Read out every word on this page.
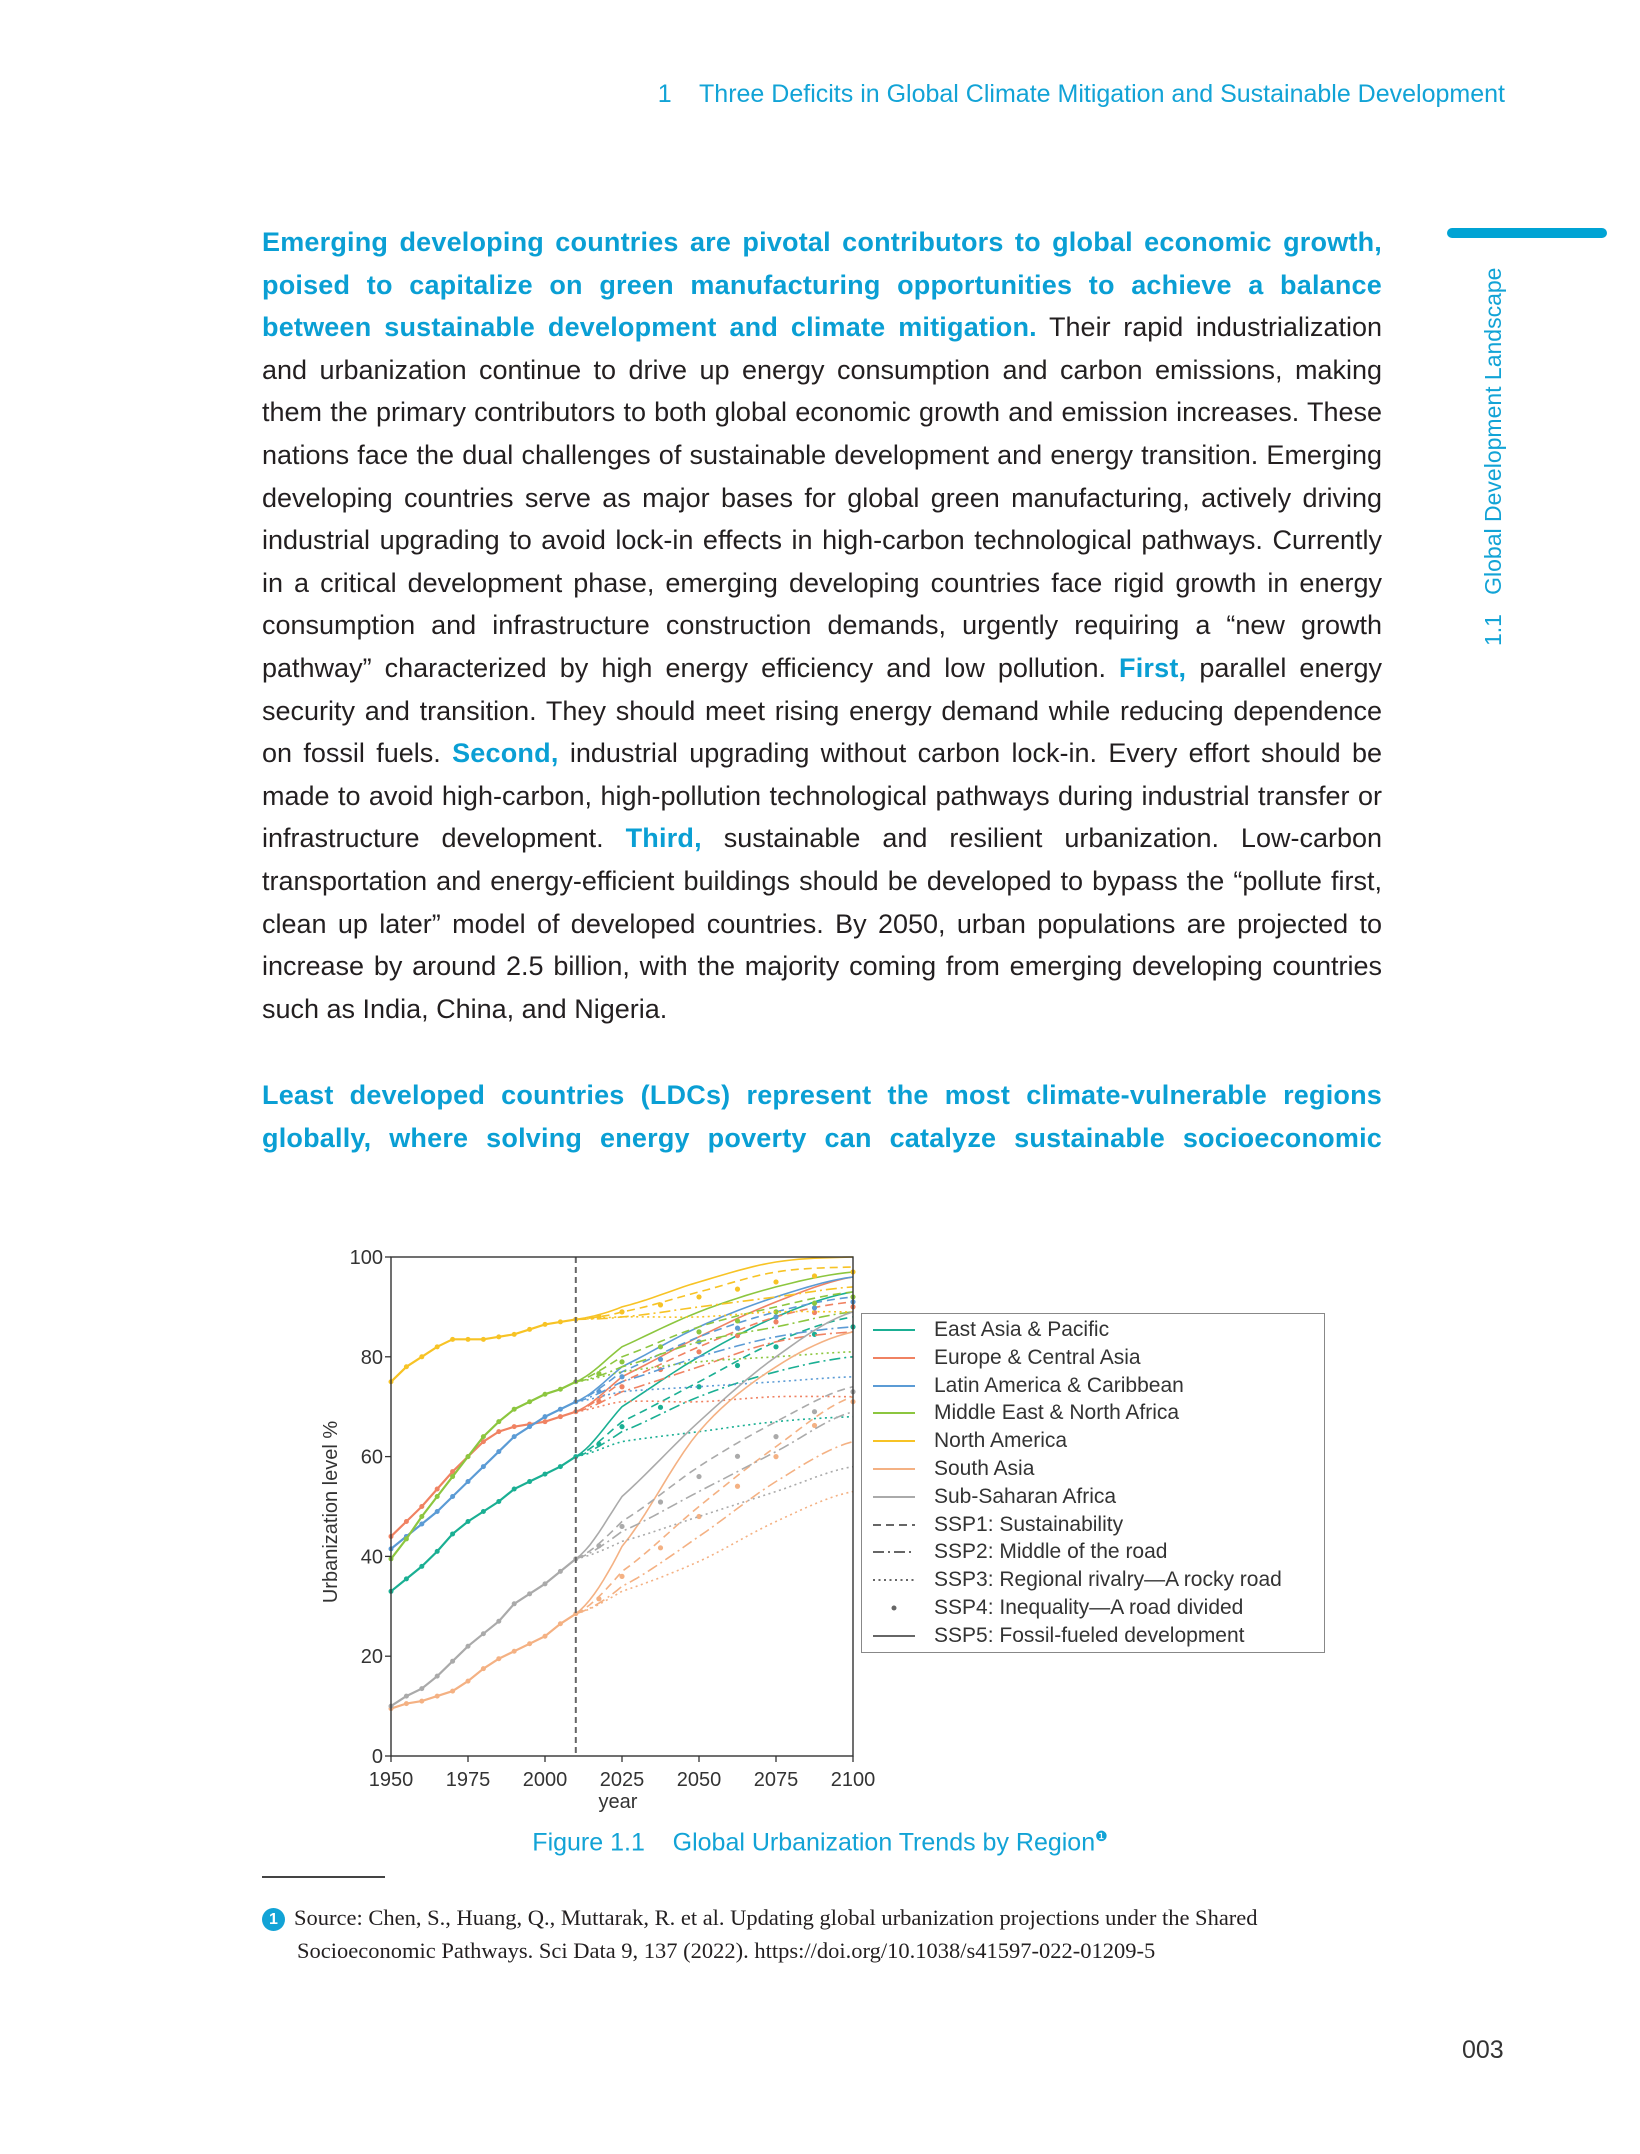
1 Three Deficits in Global Climate Mitigation and Sustainable Development
1.1   Global Development Landscape
Emerging developing countries are pivotal contributors to global economic growth, poised to capitalize on green manufacturing opportunities to achieve a balance between sustainable development and climate mitigation. Their rapid industrialization and urbanization continue to drive up energy consumption and carbon emissions, making them the primary contributors to both global economic growth and emission increases. These nations face the dual challenges of sustainable development and energy transition. Emerging developing countries serve as major bases for global green manufacturing, actively driving industrial upgrading to avoid lock-in effects in high-carbon technological pathways. Currently in a critical development phase, emerging developing countries face rigid growth in energy consumption and infrastructure construction demands, urgently requiring a “new growth pathway” characterized by high energy efficiency and low pollution. First, parallel energy security and transition. They should meet rising energy demand while reducing dependence on fossil fuels. Second, industrial upgrading without carbon lock-in. Every effort should be made to avoid high-carbon, high-pollution technological pathways during industrial transfer or infrastructure development. Third, sustainable and resilient urbanization. Low-carbon transportation and energy-efficient buildings should be developed to bypass the “pollute first, clean up later” model of developed countries. By 2050, urban populations are projected to increase by around 2.5 billion, with the majority coming from emerging developing countries such as India, China, and Nigeria.
Least developed countries (LDCs) represent the most climate-vulnerable regions globally, where solving energy poverty can catalyze sustainable socioeconomic
0
20
40
60
80
100
1950 1975 2000 2025 2050 2075 2100
year
Urbanization level %
East Asia & Pacific
Europe & Central Asia
Latin America & Caribbean
Middle East & North Africa
North America
South Asia
Sub-Saharan Africa
SSP1: Sustainability
SSP2: Middle of the road
SSP3: Regional rivalry—A rocky road
SSP4: Inequality—A road divided
SSP5: Fossil-fueled development
Figure 1.1 Global Urbanization Trends by Region$^❶$
1 Source: Chen, S., Huang, Q., Muttarak, R. et al. Updating global urbanization projections under the Shared
Socioeconomic Pathways. Sci Data 9, 137 (2022). https://doi.org/10.1038/s41597-022-01209-5
003
